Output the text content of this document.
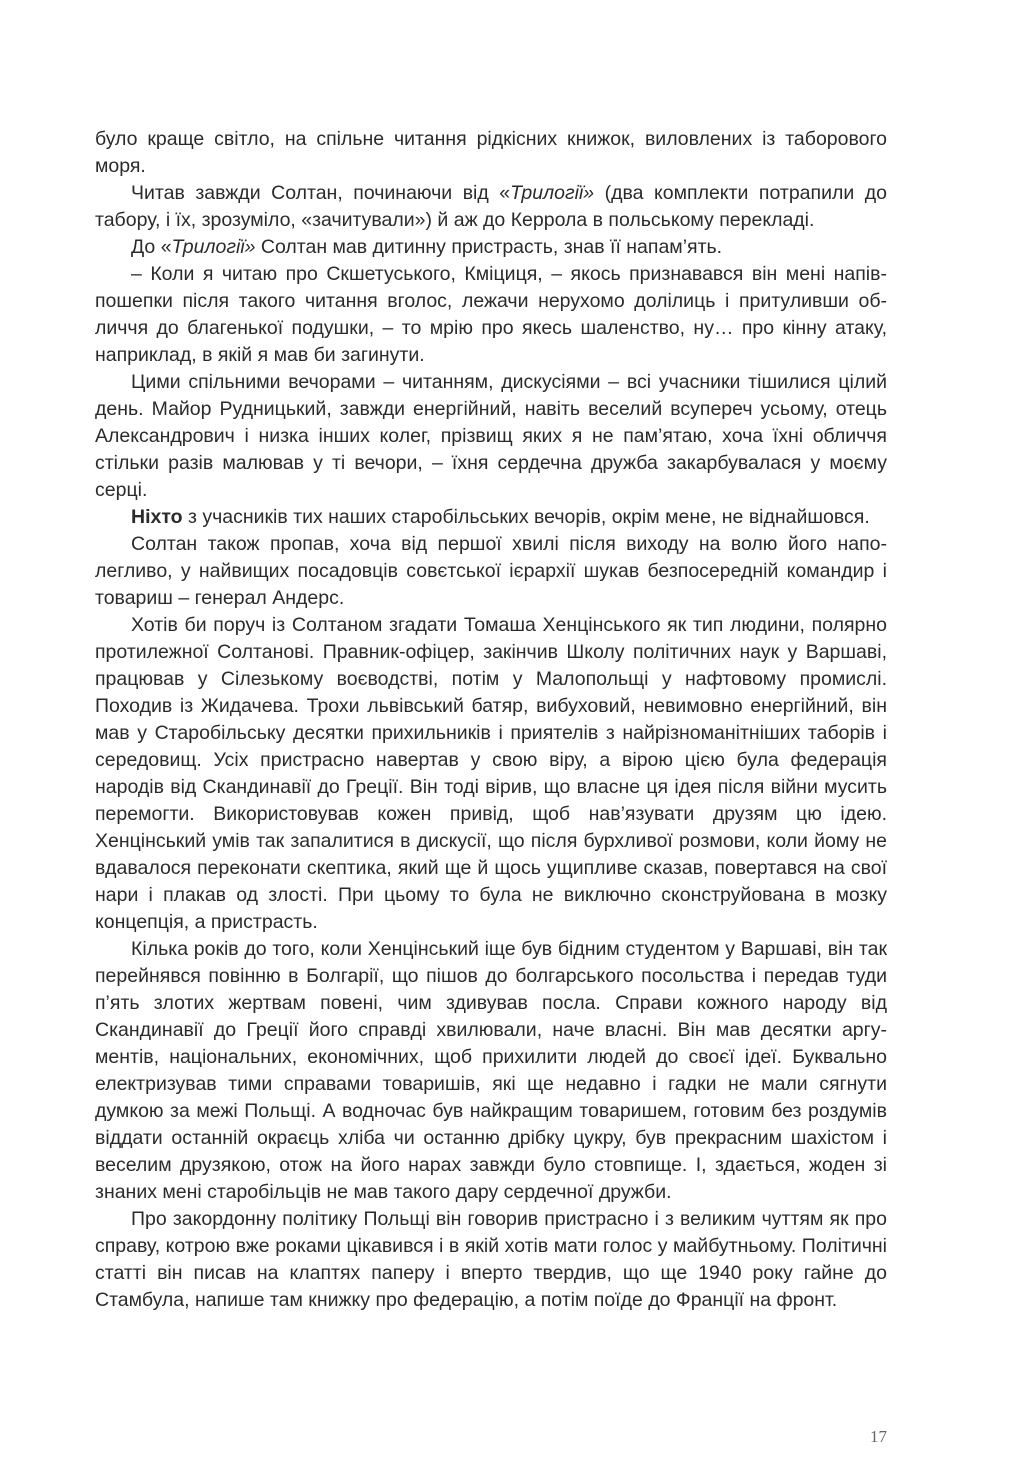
було краще світло, на спільне читання рідкісних книжок, виловлених із таборового моря.

Читав завжди Солтан, починаючи від «Трилогії» (два комплекти потрапили до табору, і їх, зрозуміло, «зачитували») й аж до Керрола в польському перекладі.

До «Трилогії» Солтан мав дитинну пристрасть, знав її напам’ять.

– Коли я читаю про Скшетуського, Кміциця, – якось признавався він мені напівпошепки після такого читання вголос, лежачи нерухомо долілиць і притуливши обличчя до благенької подушки, – то мрію про якесь шаленство, ну… про кінну атаку, наприклад, в якій я мав би загинути.

Цими спільними вечорами – читанням, дискусіями – всі учасники тішилися цілий день. Майор Рудницький, завжди енергійний, навіть веселий всупереч усьому, отець Александрович і низка інших колег, прізвищ яких я не пам’ятаю, хоча їхні обличчя стільки разів малював у ті вечори, – їхня сердечна дружба закарбувалася у моєму серці.

Ніхто з учасників тих наших старобільських вечорів, окрім мене, не віднайшовся.

Солтан також пропав, хоча від першої хвилі після виходу на волю його наполегливо, у найвищих посадовців совєтської ієрархії шукав безпосередній командир і товариш – генерал Андерс.

Хотів би поруч із Солтаном згадати Томаша Хенцінського як тип людини, полярно протилежної Солтанові. Правник-офіцер, закінчив Школу політичних наук у Варшаві, працював у Сілезькому воєводстві, потім у Малопольщі у нафтовому промислі. Походив із Жидачева. Трохи львівський батяр, вибуховий, невимовно енергійний, він мав у Старобільську десятки прихильників і приятелів з найрізноманітніших таборів і середовищ. Усіх пристрасно навертав у свою віру, а вірою цією була федерація народів від Скандинавії до Греції. Він тоді вірив, що власне ця ідея після війни мусить перемогти. Використовував кожен привід, щоб нав’язувати друзям цю ідею. Хенцінський умів так запалитися в дискусії, що після бурхливої розмови, коли йому не вдавалося переконати скептика, який ще й щось ущипливе сказав, повертався на свої нари і плакав од злості. При цьому то була не виключно сконструйована в мозку концепція, а пристрасть.

Кілька років до того, коли Хенцінський іще був бідним студентом у Варшаві, він так перейнявся повінню в Болгарії, що пішов до болгарського посольства і передав туди п’ять злотих жертвам повені, чим здивував посла. Справи кожного народу від Скандинавії до Греції його справді хвилювали, наче власні. Він мав десятки аргументів, національних, економічних, щоб прихилити людей до своєї ідеї. Буквально електризував тими справами товаришів, які ще недавно і гадки не мали сягнути думкою за межі Польщі. А водночас був найкращим товаришем, готовим без роздумів віддати останній окраєць хліба чи останню дрібку цукру, був прекрасним шахістом і веселим друзякою, отож на його нарах завжди було стовпище. І, здається, жоден зі знаних мені старобільців не мав такого дару сердечної дружби.

Про закордонну політику Польщі він говорив пристрасно і з великим чуттям як про справу, котрою вже роками цікавився і в якій хотів мати голос у майбутньому. Політичні статті він писав на клаптях паперу і вперто твердив, що ще 1940 року гайне до Стамбула, напише там книжку про федерацію, а потім поїде до Франції на фронт.

17
